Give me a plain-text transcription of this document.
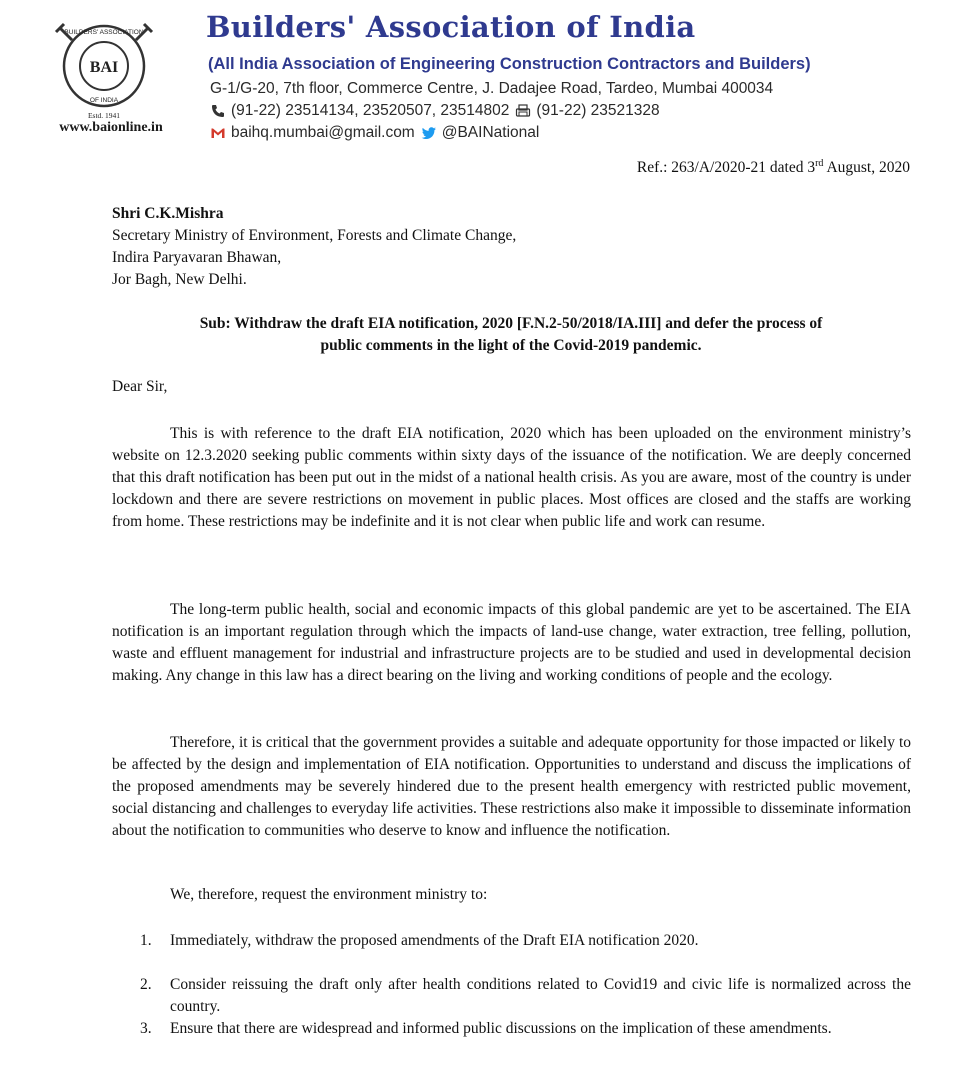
BAI
BUILDERS' ASSOCIATION
OF INDIA
Estd. 1941
www.baionline.in
Builders' Association of India
(All India Association of Engineering Construction Contractors and Builders)
G-1/G-20, 7th floor, Commerce Centre, J. Dadajee Road, Tardeo, Mumbai 400034
(91-22) 23514134, 23520507, 23514802 (91-22) 23521328
baihq.mumbai@gmail.com @BAINational
Ref.: 263/A/2020-21 dated 3rd August, 2020
Shri C.K.Mishra
Secretary Ministry of Environment, Forests and Climate Change,
Indira Paryavaran Bhawan,
Jor Bagh, New Delhi.
Sub: Withdraw the draft EIA notification, 2020 [F.N.2-50/2018/IA.III] and defer the process of
public comments in the light of the Covid-2019 pandemic.
Dear Sir,

This is with reference to the draft EIA notification, 2020 which has been uploaded on the environment ministry’s website on 12.3.2020 seeking public comments within sixty days of the issuance of the notification. We are deeply concerned that this draft notification has been put out in the midst of a national health crisis. As you are aware, most of the country is under lockdown and there are severe restrictions on movement in public places. Most offices are closed and the staffs are working from home. These restrictions may be indefinite and it is not clear when public life and work can resume.

The long-term public health, social and economic impacts of this global pandemic are yet to be ascertained. The EIA notification is an important regulation through which the impacts of land-use change, water extraction, tree felling, pollution, waste and effluent management for industrial and infrastructure projects are to be studied and used in developmental decision making. Any change in this law has a direct bearing on the living and working conditions of people and the ecology.

Therefore, it is critical that the government provides a suitable and adequate opportunity for those impacted or likely to be affected by the design and implementation of EIA notification. Opportunities to understand and discuss the implications of the proposed amendments may be severely hindered due to the present health emergency with restricted public movement, social distancing and challenges to everyday life activities. These restrictions also make it impossible to disseminate information about the notification to communities who deserve to know and influence the notification.

We, therefore, request the environment ministry to:
1.	Immediately, withdraw the proposed amendments of the Draft EIA notification 2020.
2.	Consider reissuing the draft only after health conditions related to Covid19 and civic life is normalized across the country.
3.	Ensure that there are widespread and informed public discussions on the implication of these amendments.
